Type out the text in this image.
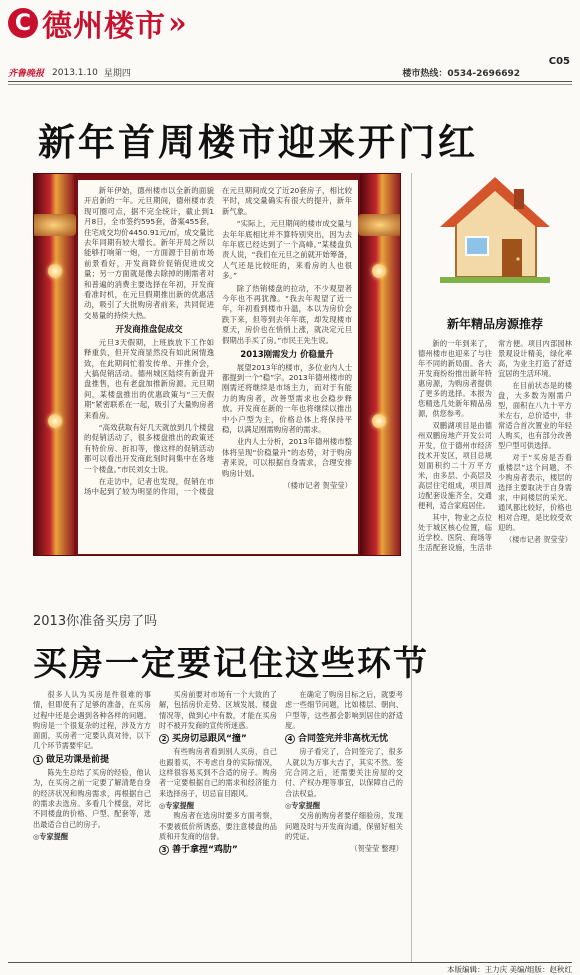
C 德州楼市 »
齐鲁晚报 2013.1.10 星期四	楼市热线：0534-2696692
C05
新年首周楼市迎来开门红

新年伊始，德州楼市以全新的面貌开启新的一年。元旦期间，德州楼市表现可圈可点，据不完全统计，截止到1月8日，全市签约595套，备案455套，住宅成交均价4450.91元/㎡，成交量比去年同期有较大增长。新年开局之所以能够打响第一炮，一方面源于目前市场前景看好，开发商降价促销促进成交量；另一方面就是像去除掉的刚需者对和普遍的消费主要选择在年初，开发商看准时机，在元旦假期推出新的优惠活动，吸引了大批购房者前来，共同促进交易量的持续大热。

开发商推盘促成交

元旦3天假期，上班族放下工作如释重负，但开发商显然没有如此闲情逸致，在此期间忙着发传单、开推介会，大搞促销活动。德州城区陆续有新盘开盘推售，也有老盘加推新房源。元旦期间，某楼盘推出的优惠政策与“三天假期”紧密联系在一起，吸引了大量购房者来看房。

“高效获取有好几天就放到几个楼盘的促销活动了，很多楼盘推出的政策还有特价房、折扣等，像这样的促销活动都可以看出开发商此刻时间集中在各地一个楼盘。”市民刘女士说。

在走访中，记者也发现，促销在市场中起到了较为明显的作用，一个楼盘在元旦期间成交了近20套房子，相比较平时，成交量确实有很大的提升，新年新气象。

“实际上，元旦期间的楼市成交量与去年年底相比并不算特别突出，因为去年年底已经达到了一个高峰。”某楼盘负责人说，“我们在元旦之前就开始筹备，人气还是比较旺的，来看房的人也很多。”

除了热销楼盘的拉动，不少观望者今年也不再犹豫。“我去年观望了近一年，年初看到楼市升温，本以为房价会跌下来，但等到去年年底，却发现楼市夏天，房价也在悄悄上涨，就决定元旦假期出手买了房。”市民王先生说。

2013刚需发力 价稳量升

展望2013年的楼市，多位业内人士都提到一个“稳”字。2013年德州楼市的刚需还将继续是市场主力，而对于有能力的购房者，改善型需求也会稳步释放。开发商在新的一年也将继续以推出中小户型为主，价格总体上将保持平稳，以满足刚需购房者的需求。

业内人士分析，2013年德州楼市整体将呈现“价稳量升”的态势，对于购房者来说，可以根据自身需求，合理安排购房计划。

（楼市记者 贺莹莹）
新年精品房源推荐

新的一年到来了，德州楼市也迎来了与往年不同的新局面。各大开发商纷纷推出新年特惠房源，为购房者提供了更多的选择。本报为您精选几处新年精品房源，供您参考。

双鹏湖项目是由德州双鹏房地产开发公司开发，位于德州市经济技术开发区，项目总规划面积约二十万平方米，由多层、小高层及高层住宅组成，项目周边配套设施齐全，交通便利，适合家庭居住。

其中，物业之点位处于城区核心位置，临近学校、医院、商场等生活配套设施，生活非常方便。项目内部园林景观设计精美，绿化率高，为业主打造了舒适宜居的生活环境。

在目前状态是的楼盘，大多数为刚需户型，面积在八九十平方米左右，总价适中，非常适合首次置业的年轻人购买，也有部分改善型户型可供选择。

对于“买房是否看重楼层”这个问题，不少购房者表示，楼层的选择主要取决于自身需求，中间楼层的采光、通风都比较好，价格也相对合理，是比较受欢迎的。

（楼市记者 贺莹莹）
2013你准备买房了吗
买房一定要记住这些环节

很多人认为买房是件很难的事情，但即使有了足够的准备，在买房过程中还是会遇到各种各样的问题。购房是一个很复杂的过程，涉及方方面面，买房者一定要认真对待，以下几个环节需要牢记。

1 做足功课是前提

陈先生总结了买房的经验，他认为，在买房之前一定要了解清楚自身的经济状况和购房需求，再根据自己的需求去选房。多看几个楼盘，对比不同楼盘的价格、户型、配套等，选出最适合自己的房子。

◎专家提醒

买房前要对市场有一个大致的了解，包括房价走势、区域发展、楼盘情况等，做到心中有数，才能在买房时不被开发商的宣传所迷惑。

2 买房切忌跟风“撞”

有些购房者看到别人买房，自己也跟着买，不考虑自身的实际情况，这样很容易买到不合适的房子。购房者一定要根据自己的需求和经济能力来选择房子，切忌盲目跟风。

◎专家提醒

购房者在选房时要多方面考察，不要被低价所诱惑，要注意楼盘的品质和开发商的信誉。

3 善于拿捏“鸡肋”

在确定了购房目标之后，就要考虑一些细节问题，比如楼层、朝向、户型等，这些都会影响到居住的舒适度。

4 合同签完并非高枕无忧

房子看完了，合同签完了，很多人就以为万事大吉了，其实不然。签完合同之后，还需要关注房屋的交付、产权办理等事宜，以保障自己的合法权益。

◎专家提醒

交房前购房者要仔细验房，发现问题及时与开发商沟通，保留好相关的凭证。

（贺莹莹 整理）
本版编辑：王力庆 美编/组版：赵秋红
